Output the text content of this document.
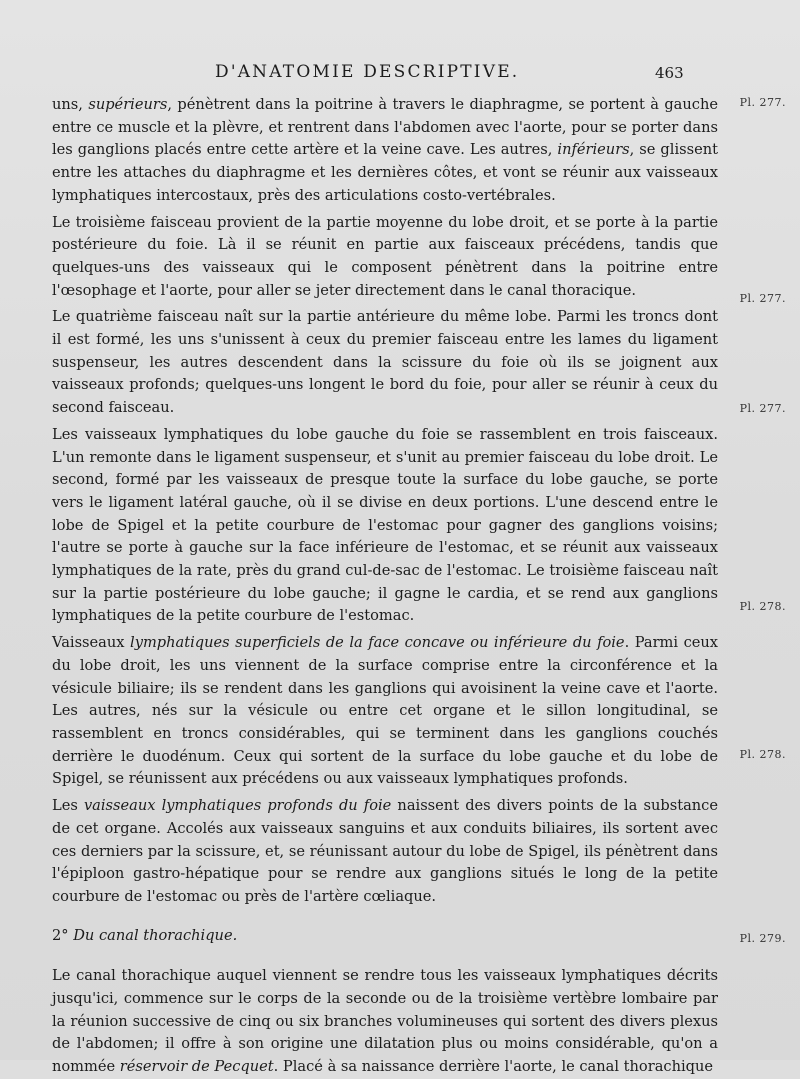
D'ANATOMIE DESCRIPTIVE.	463
Pl. 277.
Pl. 277.
Pl. 277.
Pl. 278.
Pl. 278.
Pl. 279.

uns, supérieurs, pénètrent dans la poitrine à travers le diaphragme, se portent à gauche entre ce muscle et la plèvre, et rentrent dans l'abdomen avec l'aorte, pour se porter dans les ganglions placés entre cette artère et la veine cave. Les autres, inférieurs, se glissent entre les attaches du diaphragme et les dernières côtes, et vont se réunir aux vaisseaux lymphatiques intercostaux, près des articulations costo-vertébrales.

Le troisième faisceau provient de la partie moyenne du lobe droit, et se porte à la partie postérieure du foie. Là il se réunit en partie aux faisceaux précédens, tandis que quelques-uns des vaisseaux qui le composent pénètrent dans la poitrine entre l'œsophage et l'aorte, pour aller se jeter directement dans le canal thoracique.

Le quatrième faisceau naît sur la partie antérieure du même lobe. Parmi les troncs dont il est formé, les uns s'unissent à ceux du premier faisceau entre les lames du ligament suspenseur, les autres descendent dans la scissure du foie où ils se joignent aux vaisseaux profonds; quelques-uns longent le bord du foie, pour aller se réunir à ceux du second faisceau.

Les vaisseaux lymphatiques du lobe gauche du foie se rassemblent en trois faisceaux. L'un remonte dans le ligament suspenseur, et s'unit au premier faisceau du lobe droit. Le second, formé par les vaisseaux de presque toute la surface du lobe gauche, se porte vers le ligament latéral gauche, où il se divise en deux portions. L'une descend entre le lobe de Spigel et la petite courbure de l'estomac pour gagner des ganglions voisins; l'autre se porte à gauche sur la face inférieure de l'estomac, et se réunit aux vaisseaux lymphatiques de la rate, près du grand cul-de-sac de l'estomac. Le troisième faisceau naît sur la partie postérieure du lobe gauche; il gagne le cardia, et se rend aux ganglions lymphatiques de la petite courbure de l'estomac.

Vaisseaux lymphatiques superficiels de la face concave ou inférieure du foie. Parmi ceux du lobe droit, les uns viennent de la surface comprise entre la circonférence et la vésicule biliaire; ils se rendent dans les ganglions qui avoisinent la veine cave et l'aorte. Les autres, nés sur la vésicule ou entre cet organe et le sillon longitudinal, se rassemblent en troncs considérables, qui se terminent dans les ganglions couchés derrière le duodénum. Ceux qui sortent de la surface du lobe gauche et du lobe de Spigel, se réunissent aux précédens ou aux vaisseaux lymphatiques profonds.

Les vaisseaux lymphatiques profonds du foie naissent des divers points de la substance de cet organe. Accolés aux vaisseaux sanguins et aux conduits biliaires, ils sortent avec ces derniers par la scissure, et, se réunissant autour du lobe de Spigel, ils pénètrent dans l'épiploon gastro-hépatique pour se rendre aux ganglions situés le long de la petite courbure de l'estomac ou près de l'artère cœliaque.

2° Du canal thorachique.

Le canal thorachique auquel viennent se rendre tous les vaisseaux lymphatiques décrits jusqu'ici, commence sur le corps de la seconde ou de la troisième vertèbre lombaire par la réunion successive de cinq ou six branches volumineuses qui sortent des divers plexus de l'abdomen; il offre à son origine une dilatation plus ou moins considérable, qu'on a nommée réservoir de Pecquet. Placé à sa naissance derrière l'aorte, le canal thorachique
